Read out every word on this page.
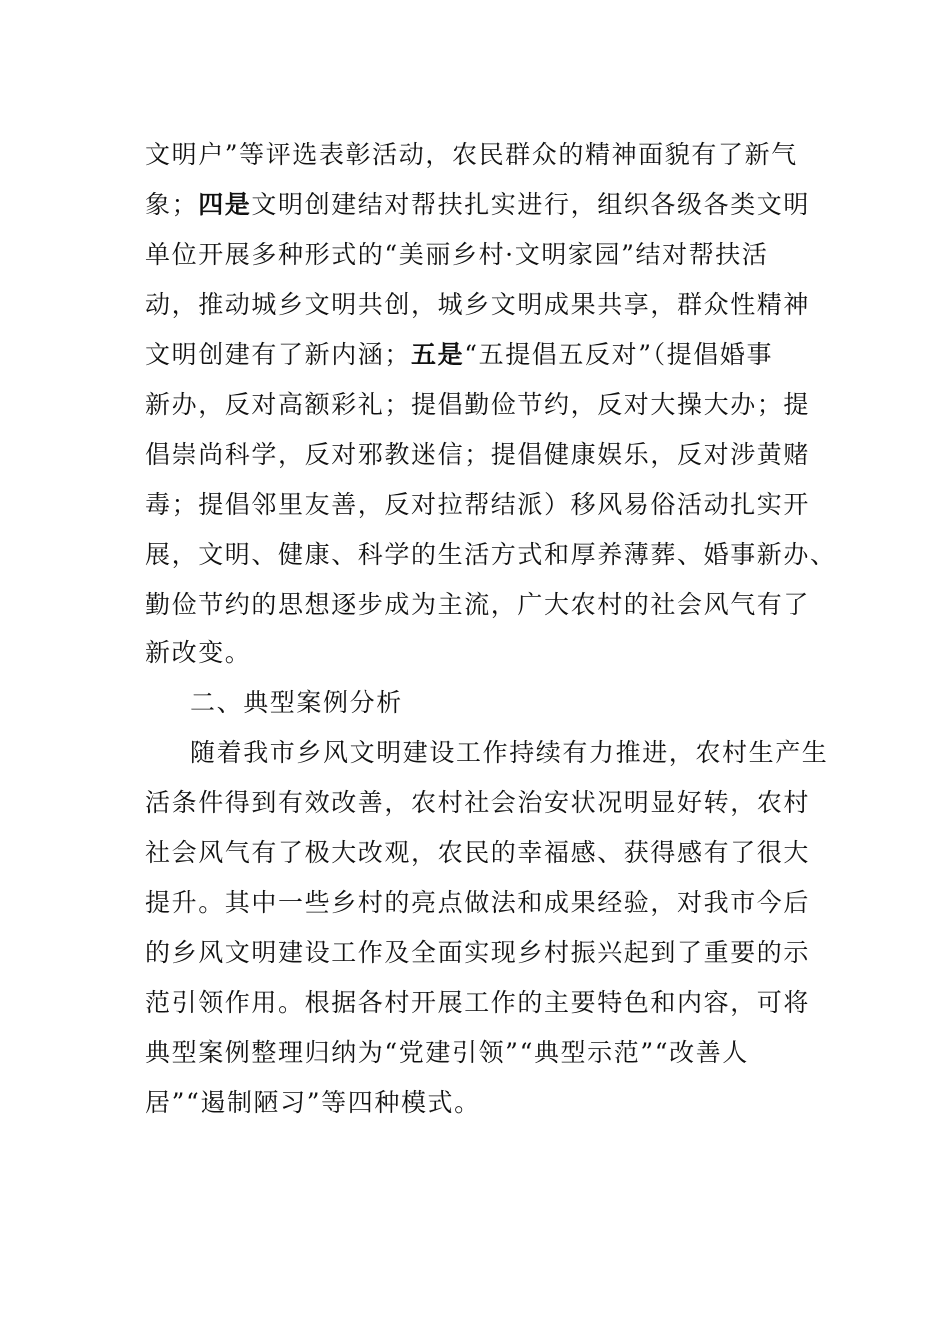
文明户”等评选表彰活动，农民群众的精神面貌有了新气
象；四是文明创建结对帮扶扎实进行，组织各级各类文明
单位开展多种形式的“美丽乡村·文明家园”结对帮扶活
动，推动城乡文明共创，城乡文明成果共享，群众性精神
文明创建有了新内涵；五是“五提倡五反对”（提倡婚事
新办，反对高额彩礼；提倡勤俭节约，反对大操大办；提
倡崇尚科学，反对邪教迷信；提倡健康娱乐，反对涉黄赌
毒；提倡邻里友善，反对拉帮结派）移风易俗活动扎实开
展，文明、健康、科学的生活方式和厚养薄葬、婚事新办、
勤俭节约的思想逐步成为主流，广大农村的社会风气有了
新改变。
二、典型案例分析
随着我市乡风文明建设工作持续有力推进，农村生产生
活条件得到有效改善，农村社会治安状况明显好转，农村
社会风气有了极大改观，农民的幸福感、获得感有了很大
提升。其中一些乡村的亮点做法和成果经验，对我市今后
的乡风文明建设工作及全面实现乡村振兴起到了重要的示
范引领作用。根据各村开展工作的主要特色和内容，可将
典型案例整理归纳为“党建引领”“典型示范”“改善人
居”“遏制陋习”等四种模式。
